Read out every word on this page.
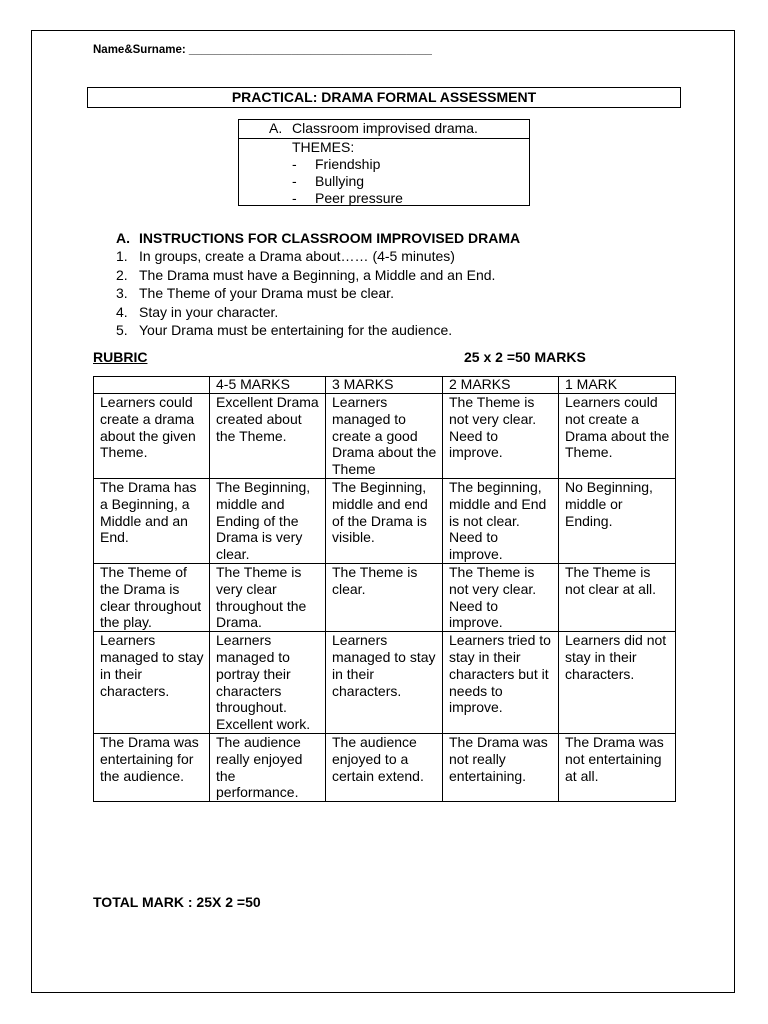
Name&Surname: ______________________________________
PRACTICAL: DRAMA FORMAL ASSESSMENT
A. Classroom improvised drama.
THEMES:
- Friendship
- Bullying
- Peer pressure
A. INSTRUCTIONS FOR CLASSROOM IMPROVISED DRAMA
1. In groups, create a Drama about…… (4-5 minutes)
2. The Drama must have a Beginning, a Middle and an End.
3. The Theme of your Drama must be clear.
4. Stay in your character.
5. Your Drama must be entertaining for the audience.
RUBRIC	25 x 2 =50 MARKS
	4-5 MARKS	3 MARKS	2 MARKS	1 MARK
Learners could create a drama about the given Theme.	Excellent Drama created about the Theme.	Learners managed to create a good Drama about the Theme	The Theme is not very clear. Need to improve.	Learners could not create a Drama about the Theme.
The Drama has a Beginning, a Middle and an End.	The Beginning, middle and Ending of the Drama is very clear.	The Beginning, middle and end of the Drama is visible.	The beginning, middle and End is not clear. Need to improve.	No Beginning, middle or Ending.
The Theme of the Drama is clear throughout the play.	The Theme is very clear throughout the Drama.	The Theme is clear.	The Theme is not very clear. Need to improve.	The Theme is not clear at all.
Learners managed to stay in their characters.	Learners managed to portray their characters throughout. Excellent work.	Learners managed to stay in their characters.	Learners tried to stay in their characters but it needs to improve.	Learners did not stay in their characters.
The Drama was entertaining for the audience.	The audience really enjoyed the performance.	The audience enjoyed to a certain extend.	The Drama was not really entertaining.	The Drama was not entertaining at all.
TOTAL MARK : 25X 2 =50
